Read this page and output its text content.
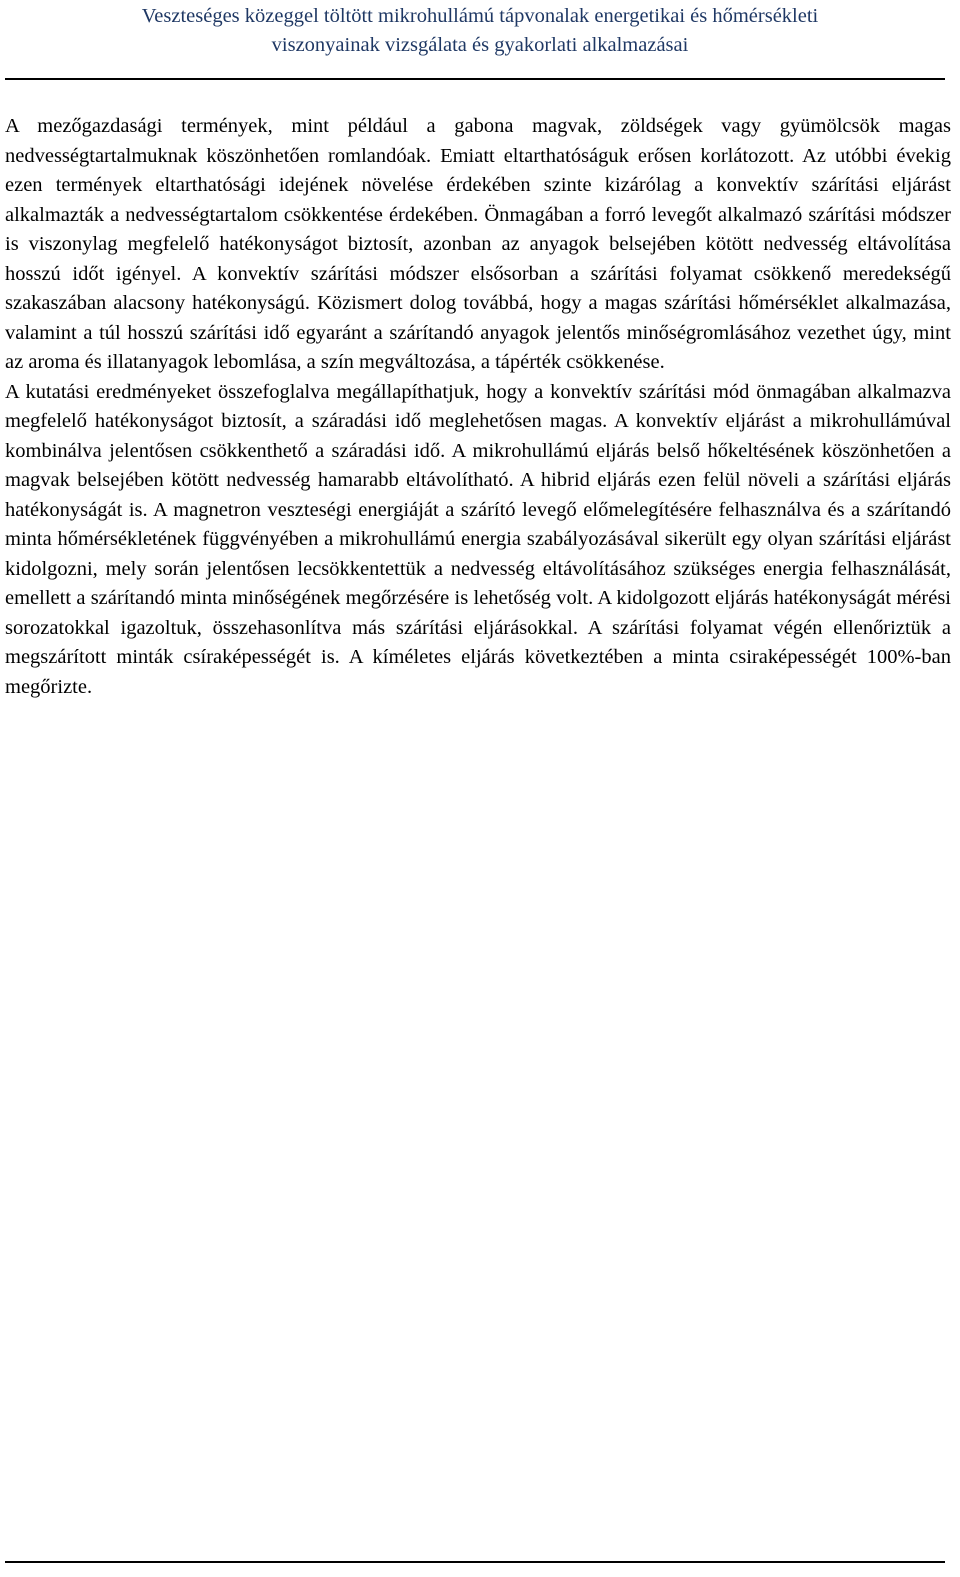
Veszteséges közeggel töltött mikrohullámú tápvonalak energetikai és hőmérsékleti
viszonyainak vizsgálata és gyakorlati alkalmazásai

A mezőgazdasági termények, mint például a gabona magvak, zöldségek vagy gyümölcsök magas nedvességtartalmuknak köszönhetően romlandóak. Emiatt eltarthatóságuk erősen korlátozott. Az utóbbi évekig ezen termények eltarthatósági idejének növelése érdekében szinte kizárólag a konvektív szárítási eljárást alkalmazták a nedvességtartalom csökkentése érdekében. Önmagában a forró levegőt alkalmazó szárítási módszer is viszonylag megfelelő hatékonyságot biztosít, azonban az anyagok belsejében kötött nedvesség eltávolítása hosszú időt igényel. A konvektív szárítási módszer elsősorban a szárítási folyamat csökkenő meredekségű szakaszában alacsony hatékonyságú. Közismert dolog továbbá, hogy a magas szárítási hőmérséklet alkalmazása, valamint a túl hosszú szárítási idő egyaránt a szárítandó anyagok jelentős minőségromlásához vezethet úgy, mint az aroma és illatanyagok lebomlása, a szín megváltozása, a tápérték csökkenése.

A kutatási eredményeket összefoglalva megállapíthatjuk, hogy a konvektív szárítási mód önmagában alkalmazva megfelelő hatékonyságot biztosít, a száradási idő meglehetősen magas. A konvektív eljárást a mikrohullámúval kombinálva jelentősen csökkenthető a száradási idő. A mikrohullámú eljárás belső hőkeltésének köszönhetően a magvak belsejében kötött nedvesség hamarabb eltávolítható. A hibrid eljárás ezen felül növeli a szárítási eljárás hatékonyságát is. A magnetron veszteségi energiáját a szárító levegő előmelegítésére felhasználva és a szárítandó minta hőmérsékletének függvényében a mikrohullámú energia szabályozásával sikerült egy olyan szárítási eljárást kidolgozni, mely során jelentősen lecsökkentettük a nedvesség eltávolításához szükséges energia felhasználását, emellett a szárítandó minta minőségének megőrzésére is lehetőség volt. A kidolgozott eljárás hatékonyságát mérési sorozatokkal igazoltuk, összehasonlítva más szárítási eljárásokkal. A szárítási folyamat végén ellenőriztük a megszárított minták csíraképességét is. A kíméletes eljárás következtében a minta csiraképességét 100%-ban megőrizte.
